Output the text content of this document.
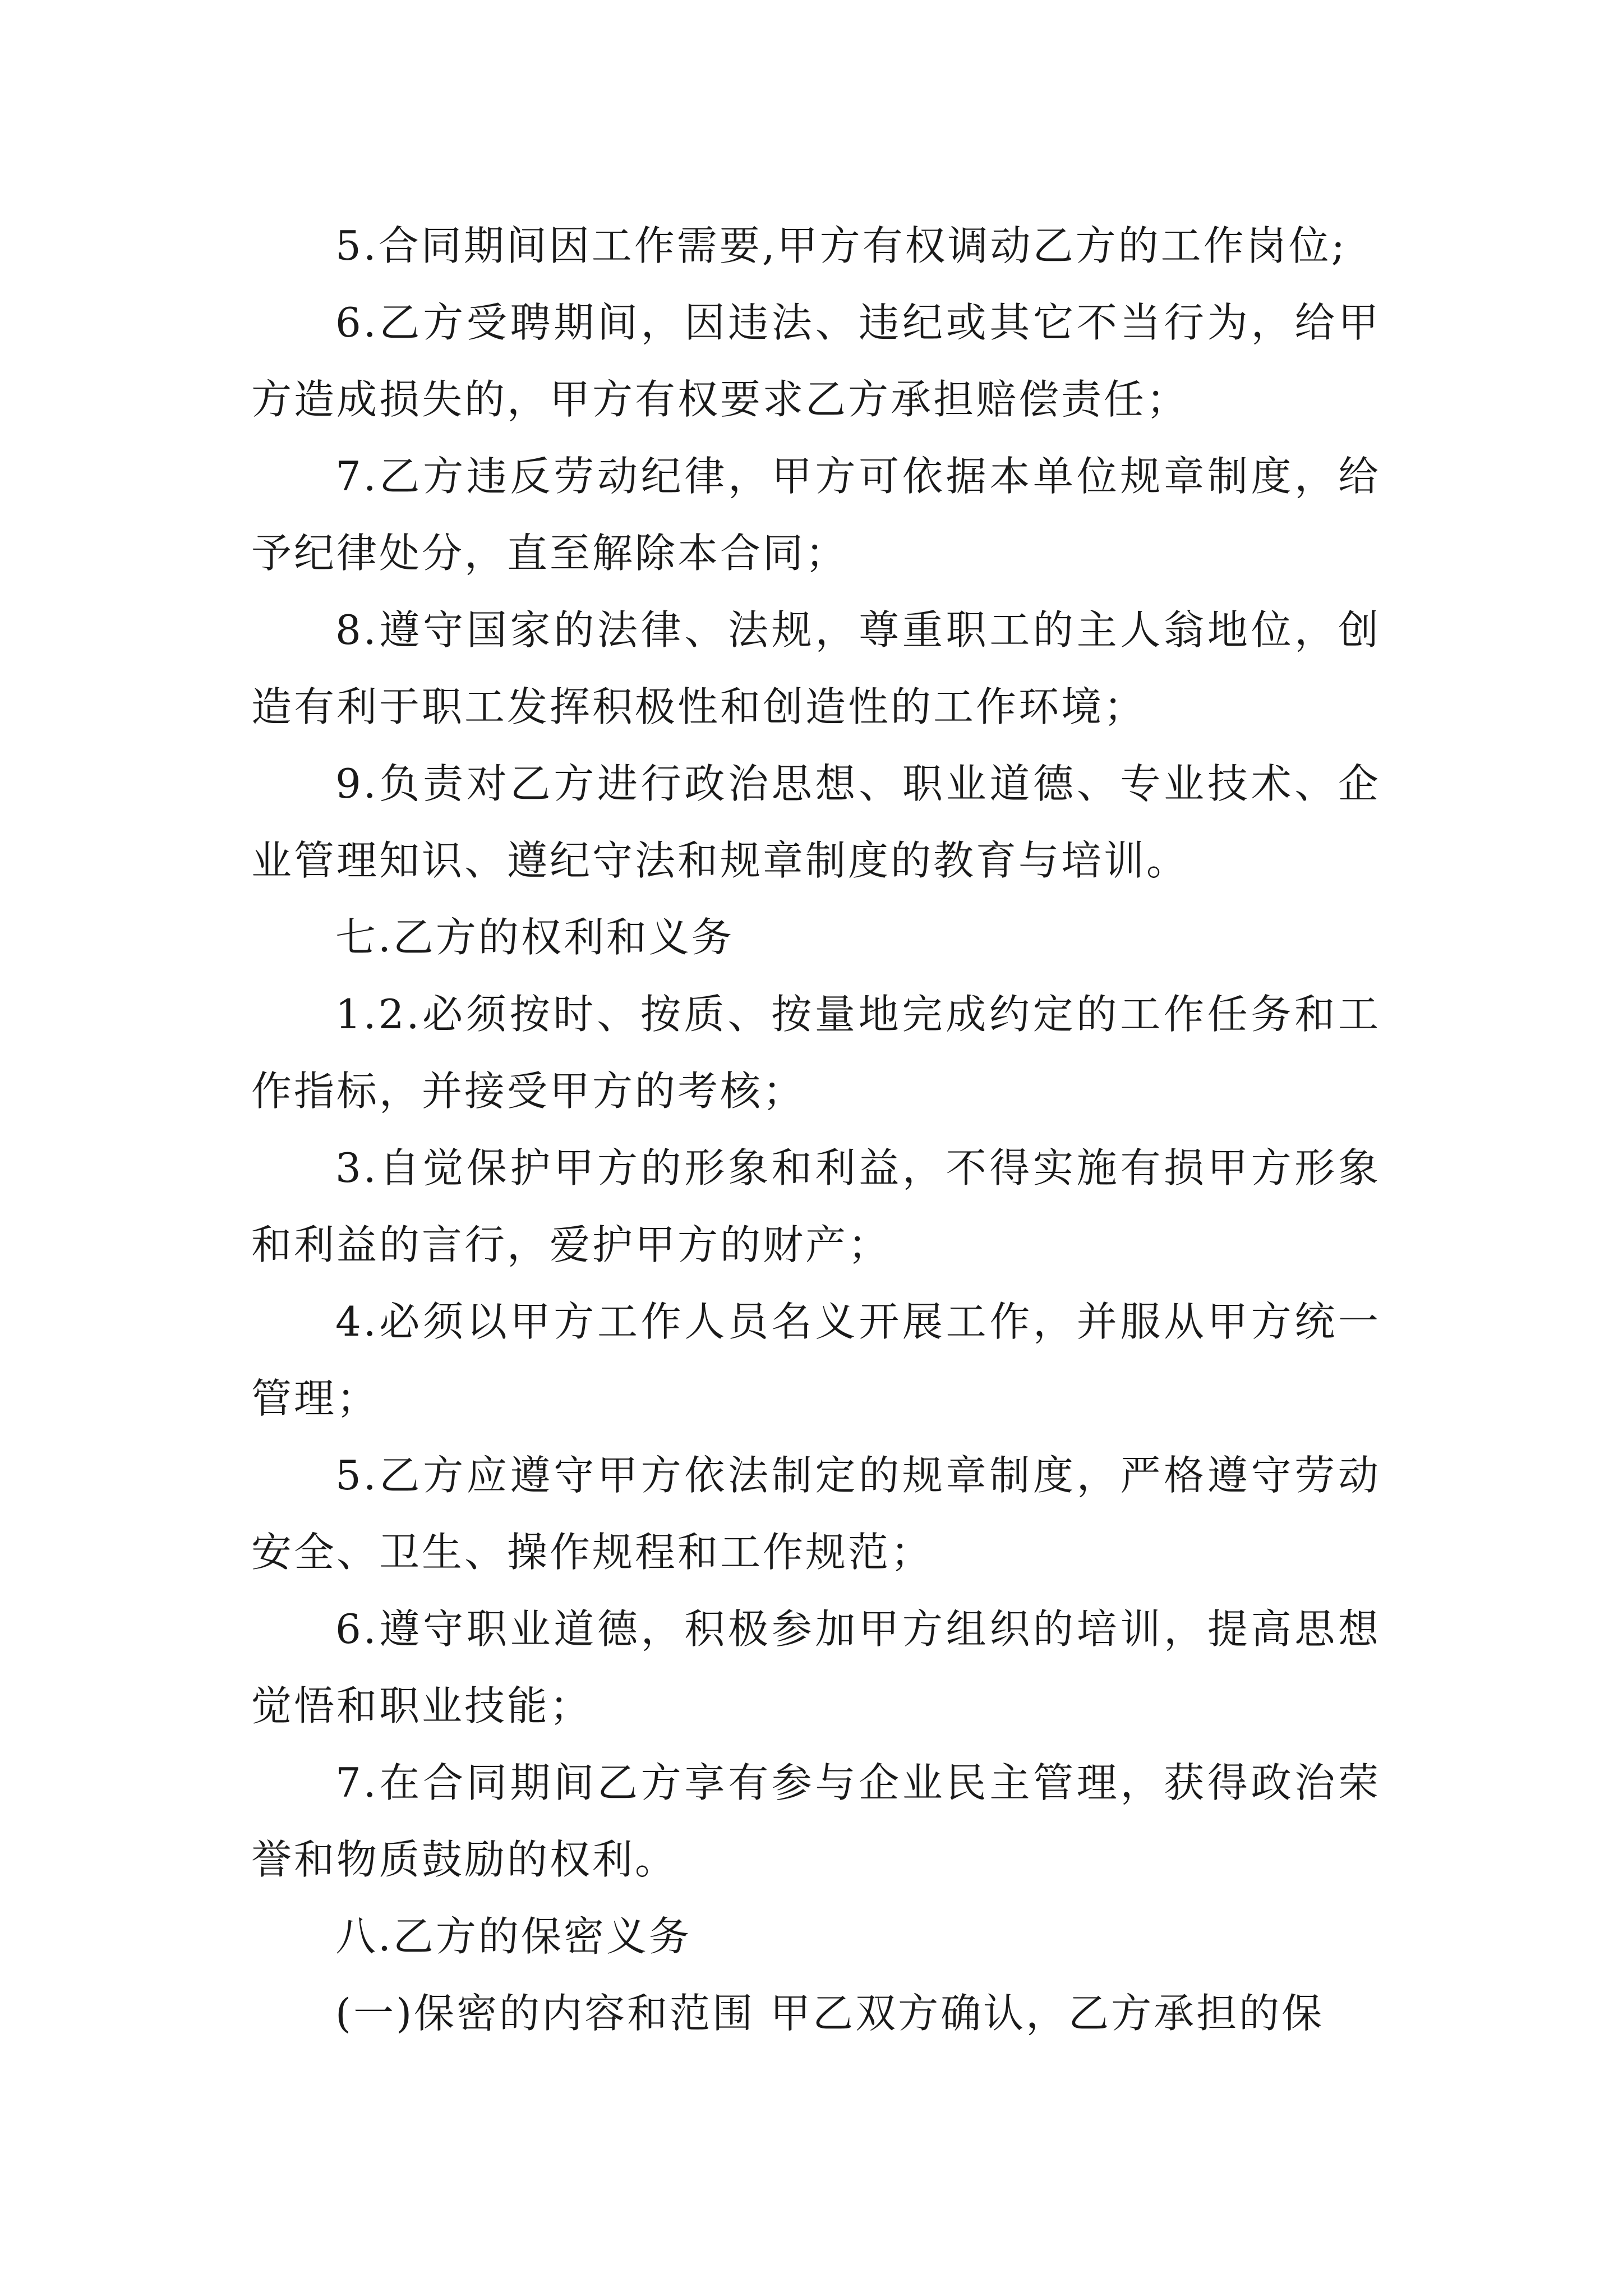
5.合同期间因工作需要,甲方有权调动乙方的工作岗位;

6.乙方受聘期间，因违法、违纪或其它不当行为，给甲方造成损失的，甲方有权要求乙方承担赔偿责任；

7.乙方违反劳动纪律，甲方可依据本单位规章制度，给予纪律处分，直至解除本合同；

8.遵守国家的法律、法规，尊重职工的主人翁地位，创造有利于职工发挥积极性和创造性的工作环境；

9.负责对乙方进行政治思想、职业道德、专业技术、企业管理知识、遵纪守法和规章制度的教育与培训。

七.乙方的权利和义务

1.2.必须按时、按质、按量地完成约定的工作任务和工作指标，并接受甲方的考核；

3.自觉保护甲方的形象和利益，不得实施有损甲方形象和利益的言行，爱护甲方的财产；

4.必须以甲方工作人员名义开展工作，并服从甲方统一管理；

5.乙方应遵守甲方依法制定的规章制度，严格遵守劳动安全、卫生、操作规程和工作规范；

6.遵守职业道德，积极参加甲方组织的培训，提高思想觉悟和职业技能；

7.在合同期间乙方享有参与企业民主管理，获得政治荣誉和物质鼓励的权利。

八.乙方的保密义务

(一)保密的内容和范围 甲乙双方确认，乙方承担的保
